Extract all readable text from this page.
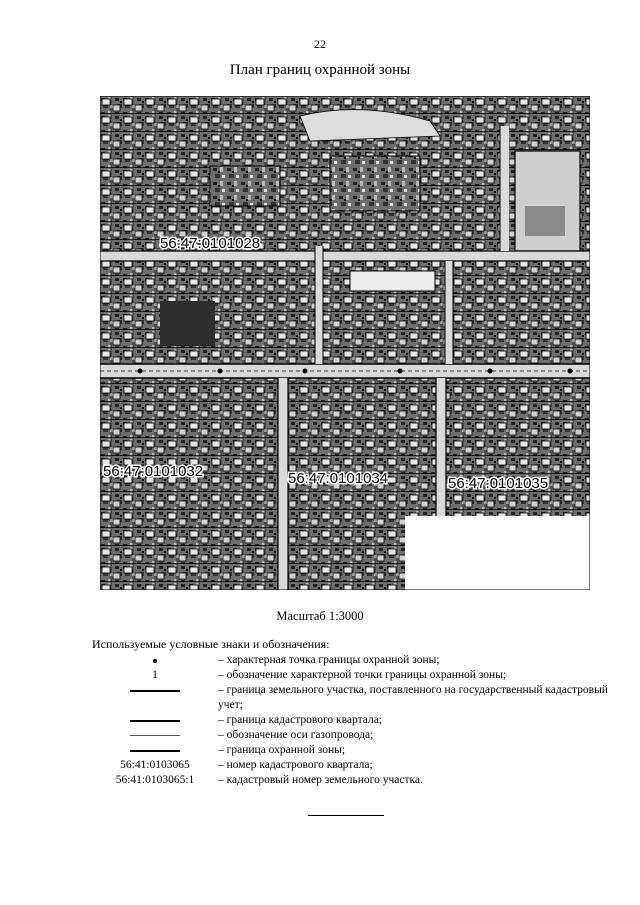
22
План границ охранной зоны
56:47:0101028
56:47:0101032	56:47:0101034	56:47:0101035
Масштаб 1:3000
Используемые условные знаки и обозначения:
– характерная точка границы охранной зоны;
1	– обозначение характерной точки границы охранной зоны;
– граница земельного участка, поставленного на государственный кадастровый учет;
– граница кадастрового квартала;
– обозначение оси газопровода;
– граница охранной зоны;
56:41:0103065	– номер кадастрового квартала;
56:41:0103065:1	– кадастровый номер земельного участка.
